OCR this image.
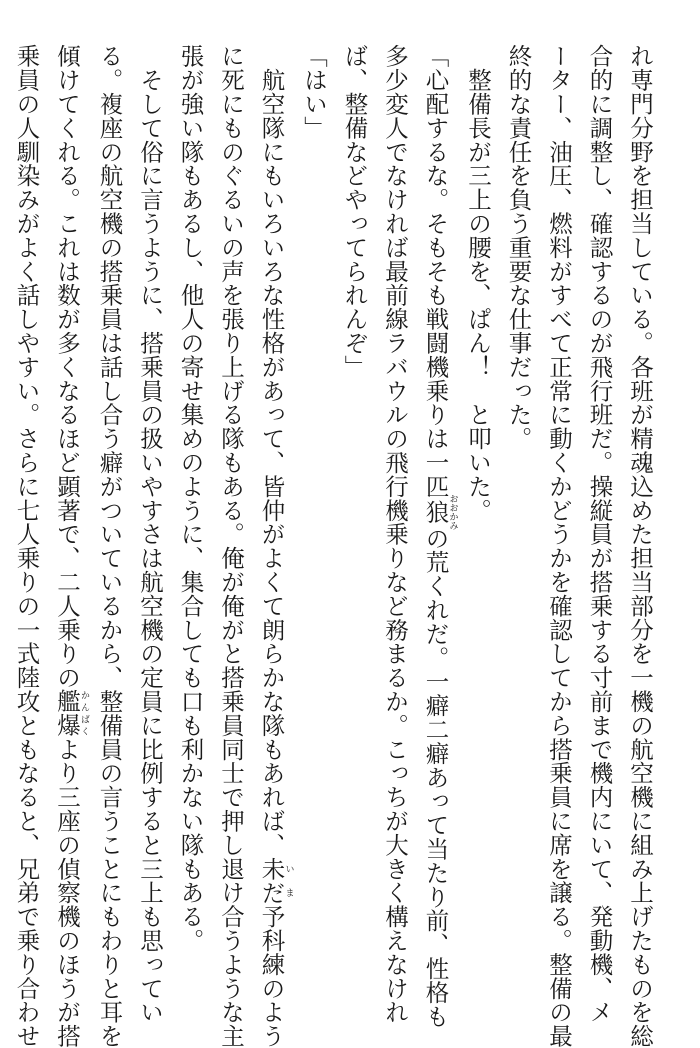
れ専門分野を担当している。各班が精魂込めた担当部分を一機の航空機に組み上げたものを総
合的に調整し、確認するのが飛行班だ。操縦員が搭乗する寸前まで機内にいて、発動機、メ
ーター、油圧、燃料がすべて正常に動くかどうかを確認してから搭乗員に席を譲る。整備の最
終的な責任を負う重要な仕事だった。
　整備長が三上の腰を、ぱん！　と叩いた。
「心配するな。そもそも戦闘機乗りは一匹狼おおかみの荒くれだ。一癖二癖あって当たり前、性格も
多少変人でなければ最前線ラバウルの飛行機乗りなど務まるか。こっちが大きく構えなけれ
ば、整備などやってられんぞ」
「はい」
　航空隊にもいろいろな性格があって、皆仲がよくて朗らかな隊もあれば、未だいま予科練のよう
に死にものぐるいの声を張り上げる隊もある。俺が俺がと搭乗員同士で押し退け合うような主
張が強い隊もあるし、他人の寄せ集めのように、集合しても口も利かない隊もある。
　そして俗に言うように、搭乗員の扱いやすさは航空機の定員に比例すると三上も思ってい
る。複座の航空機の搭乗員は話し合う癖がついているから、整備員の言うことにもわりと耳を
傾けてくれる。これは数が多くなるほど顕著で、二人乗りの艦爆かんばくより三座の偵察機のほうが搭
乗員の人馴染みがよく話しやすい。さらに七人乗りの一式陸攻ともなると、兄弟で乗り合わせ
